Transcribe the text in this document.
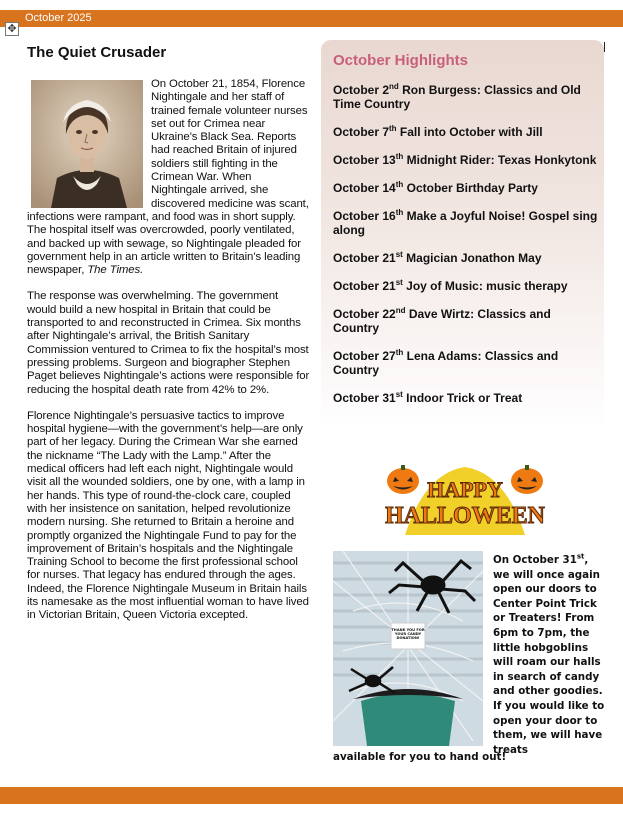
October 2025
✥
The Quiet Crusader

On October 21, 1854, Florence Nightingale and her staff of trained female volunteer nurses set out for Crimea near Ukraine’s Black Sea. Reports had reached Britain of injured soldiers still fighting in the Crimean War. When Nightingale arrived, she discovered medicine was scant, infections were rampant, and food was in short supply. The hospital itself was overcrowded, poorly ventilated, and backed up with sewage, so Nightingale pleaded for government help in an article written to Britain’s leading newspaper, The Times.

The response was overwhelming. The government would build a new hospital in Britain that could be transported to and reconstructed in Crimea. Six months after Nightingale’s arrival, the British Sanitary Commission ventured to Crimea to fix the hospital’s most pressing problems. Surgeon and biographer Stephen Paget believes Nightingale’s actions were responsible for reducing the hospital death rate from 42% to 2%.

Florence Nightingale’s persuasive tactics to improve hospital hygiene—with the government’s help—are only part of her legacy. During the Crimean War she earned the nickname “The Lady with the Lamp.” After the medical officers had left each night, Nightingale would visit all the wounded soldiers, one by one, with a lamp in her hands. This type of round-the-clock care, coupled with her insistence on sanitation, helped revolutionize modern nursing. She returned to Britain a heroine and promptly organized the Nightingale Fund to pay for the improvement of Britain’s hospitals and the Nightingale Training School to become the first professional school for nurses. That legacy has endured through the ages. Indeed, the Florence Nightingale Museum in Britain hails its namesake as the most influential woman to have lived in Victorian Britain, Queen Victoria excepted.

October Highlights

October 2nd Ron Burgess: Classics and Old Time Country

October 7th Fall into October with Jill

October 13th Midnight Rider: Texas Honkytonk

October 14th October Birthday Party

October 16th Make a Joyful Noise! Gospel sing along

October 21st Magician Jonathon May

October 21st Joy of Music: music therapy

October 22nd Dave Wirtz: Classics and Country

October 27th Lena Adams: Classics and Country

October 31st Indoor Trick or Treat

HAPPY
HALLOWEEN
THANK YOU FOR YOUR CANDY DONATION!
On October 31st, we will once again open our doors to Center Point Trick or Treaters! From 6pm to 7pm, the little hobgoblins will roam our halls in search of candy and other goodies. If you would like to open your door to them, we will have treats
available for you to hand out!
